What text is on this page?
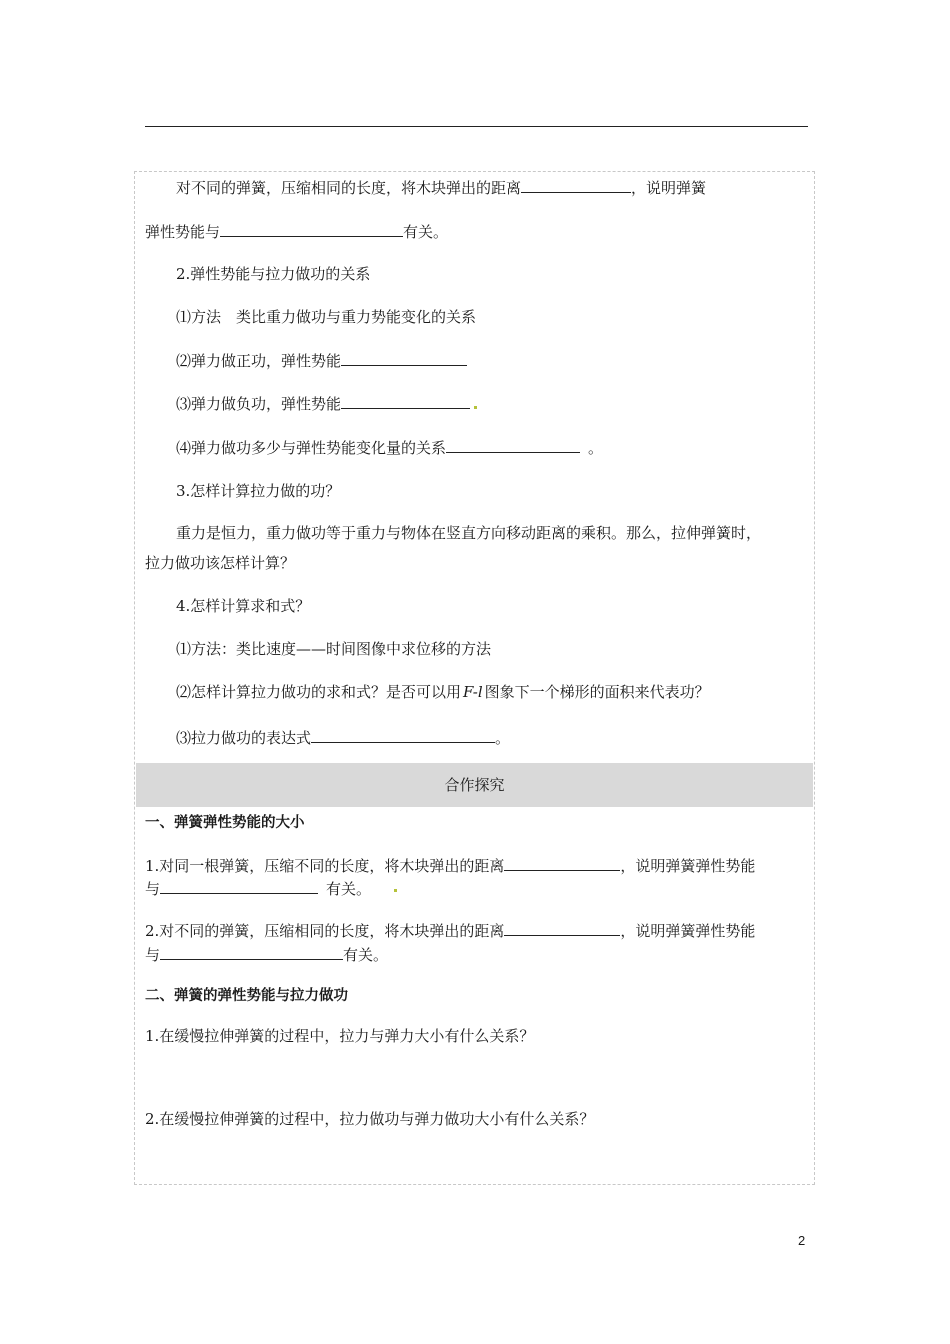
对不同的弹簧，压缩相同的长度，将木块弹出的距离	，说明弹簧
弹性势能与	有关。
2.弹性势能与拉力做功的关系
⑴方法　类比重力做功与重力势能变化的关系
⑵弹力做正功，弹性势能
⑶弹力做负功，弹性势能
⑷弹力做功多少与弹性势能变化量的关系	。
3.怎样计算拉力做的功？
重力是恒力，重力做功等于重力与物体在竖直方向移动距离的乘积。那么，拉伸弹簧时，
拉力做功该怎样计算？
4.怎样计算求和式？
⑴方法：类比速度——时间图像中求位移的方法
⑵怎样计算拉力做功的求和式？是否可以用 F-l 图象下一个梯形的面积来代表功？
⑶拉力做功的表达式	。
合作探究
一、弹簧弹性势能的大小
1.对同一根弹簧，压缩不同的长度，将木块弹出的距离	，说明弹簧弹性势能
与	有关。
2.对不同的弹簧，压缩相同的长度，将木块弹出的距离	，说明弹簧弹性势能
与	有关。
二、弹簧的弹性势能与拉力做功
1.在缓慢拉伸弹簧的过程中，拉力与弹力大小有什么关系？
2.在缓慢拉伸弹簧的过程中，拉力做功与弹力做功大小有什么关系？
2
